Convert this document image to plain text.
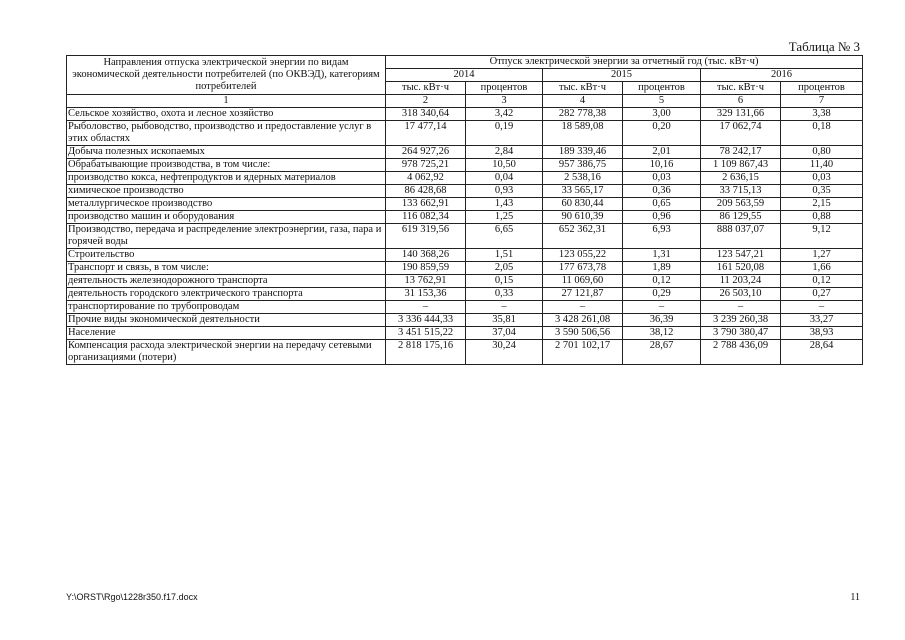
Таблица № 3
Направления отпуска электрической энергии по видам экономической деятельности потребителей (по ОКВЭД), категориям потребителей	Отпуск электрической энергии за отчетный год (тыс. кВт·ч)					
	2014		2015		2016	
	тыс. кВт·ч	процентов	тыс. кВт·ч	процентов	тыс. кВт·ч	процентов
1	2	3	4	5	6	7
Сельское хозяйство, охота и лесное хозяйство	318 340,64	3,42	282 778,38	3,00	329 131,66	3,38
Рыболовство, рыбоводство, производство и предоставление услуг в этих областях	17 477,14	0,19	18 589,08	0,20	17 062,74	0,18
Добыча полезных ископаемых	264 927,26	2,84	189 339,46	2,01	78 242,17	0,80
Обрабатывающие производства, в том числе:	978 725,21	10,50	957 386,75	10,16	1 109 867,43	11,40
производство кокса, нефтепродуктов и ядерных материалов	4 062,92	0,04	2 538,16	0,03	2 636,15	0,03
химическое производство	86 428,68	0,93	33 565,17	0,36	33 715,13	0,35
металлургическое производство	133 662,91	1,43	60 830,44	0,65	209 563,59	2,15
производство машин и оборудования	116 082,34	1,25	90 610,39	0,96	86 129,55	0,88
Производство, передача и распределение электроэнергии, газа, пара и горячей воды	619 319,56	6,65	652 362,31	6,93	888 037,07	9,12
Строительство	140 368,26	1,51	123 055,22	1,31	123 547,21	1,27
Транспорт и связь, в том числе:	190 859,59	2,05	177 673,78	1,89	161 520,08	1,66
деятельность железнодорожного транспорта	13 762,91	0,15	11 069,60	0,12	11 203,24	0,12
деятельность городского электрического транспорта	31 153,36	0,33	27 121,87	0,29	26 503,10	0,27
транспортирование по трубопроводам	–	–	–	–	–	–
Прочие виды экономической деятельности	3 336 444,33	35,81	3 428 261,08	36,39	3 239 260,38	33,27
Население	3 451 515,22	37,04	3 590 506,56	38,12	3 790 380,47	38,93
Компенсация расхода электрической энергии на передачу сетевыми организациями (потери)	2 818 175,16	30,24	2 701 102,17	28,67	2 788 436,09	28,64
Y:\ORST\Rgo\1228r350.f17.docx	11
